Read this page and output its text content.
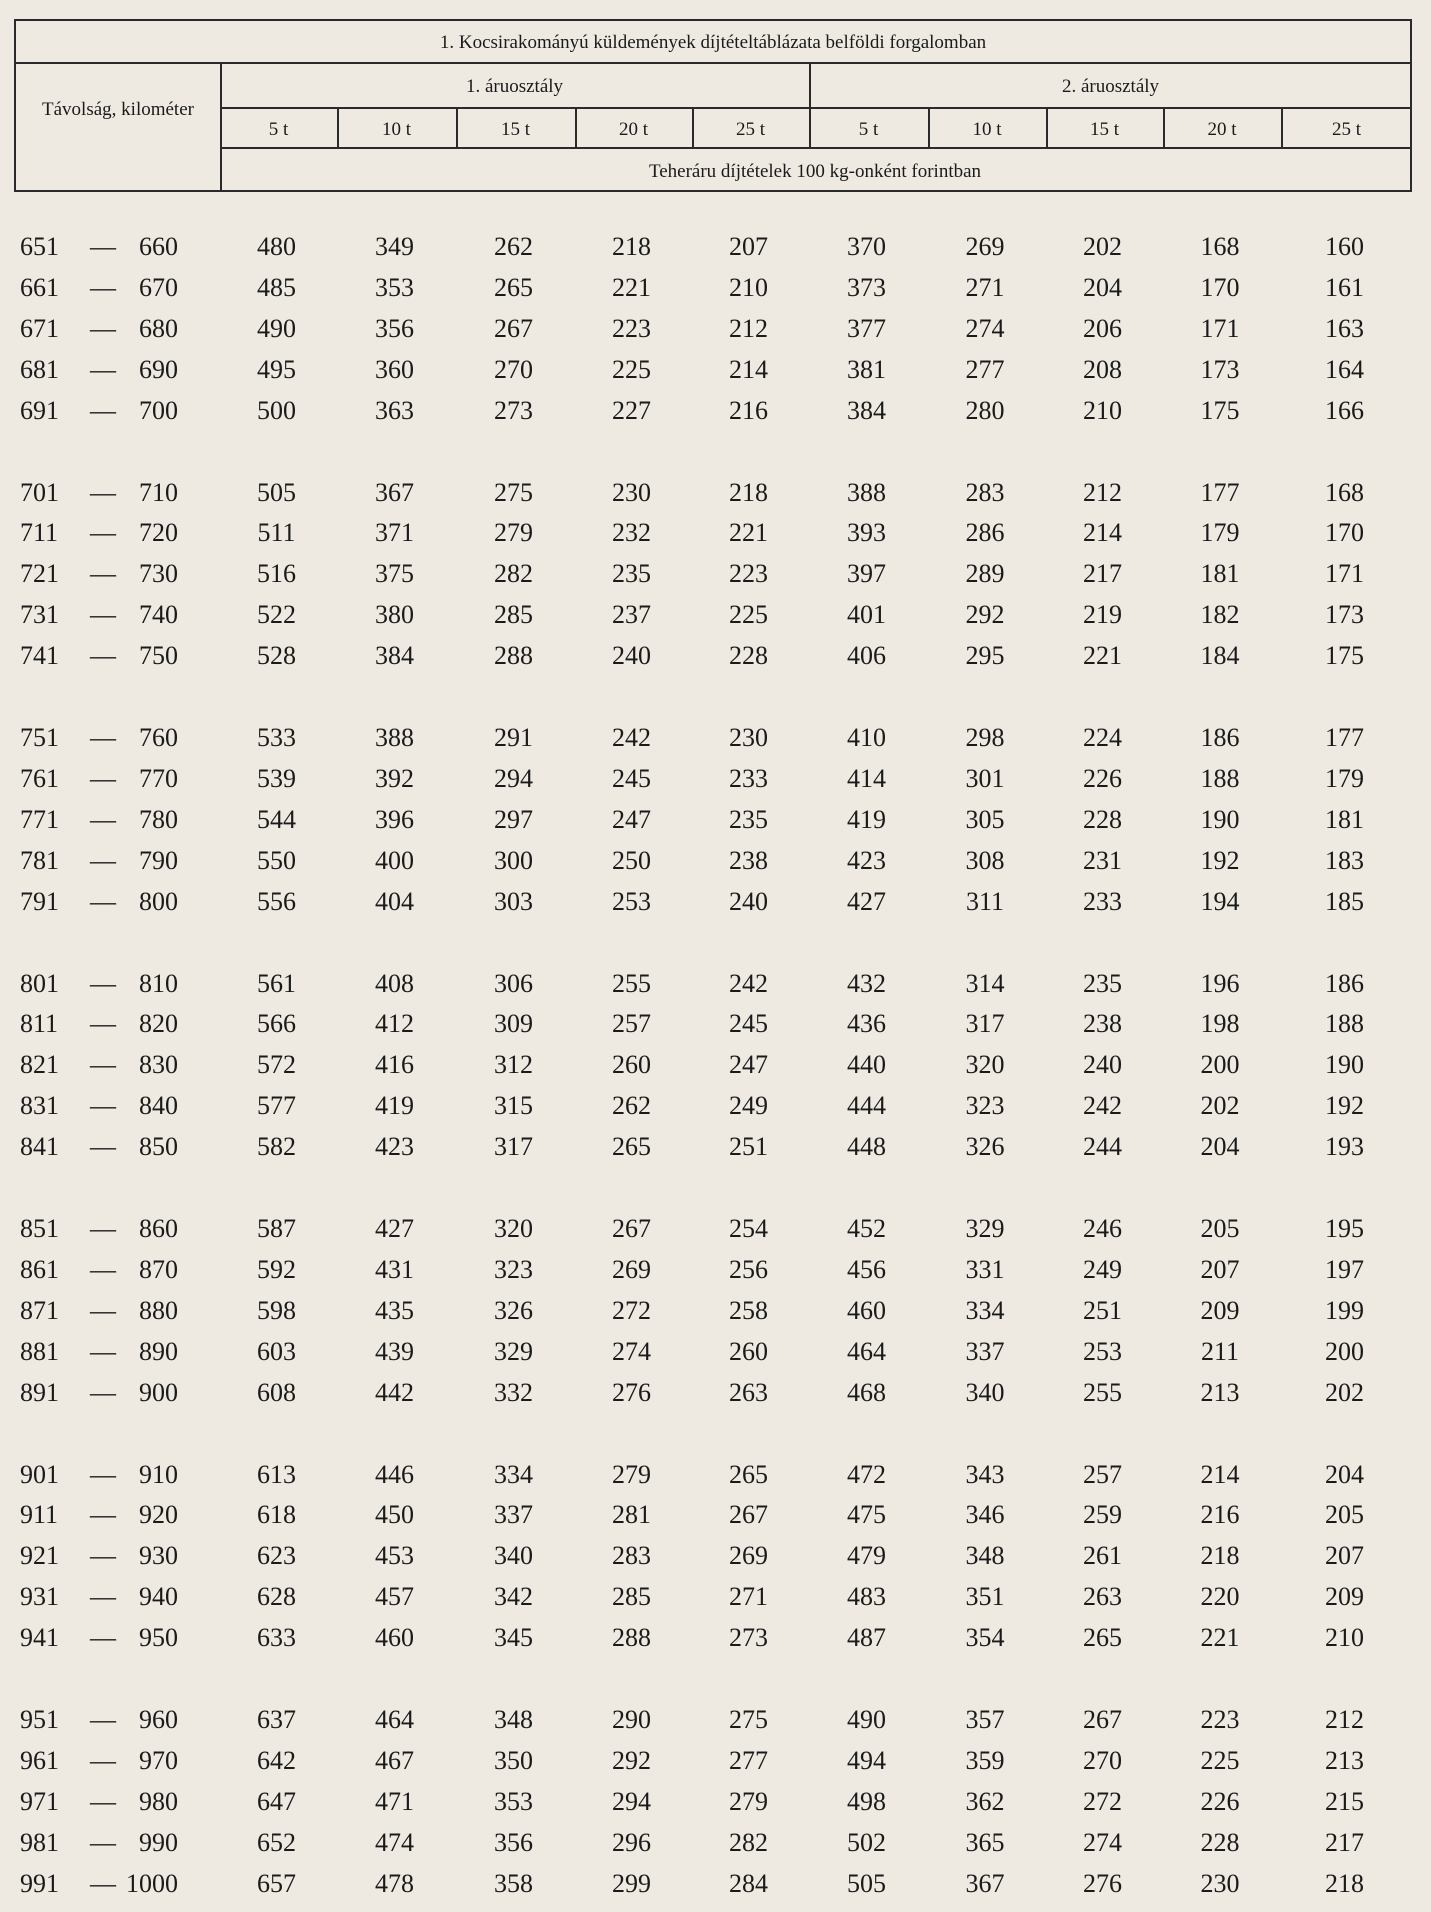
1. Kocsirakományú küldemények díjtételtáblázata belföldi forgalomban
Távolság, kilométer
1. áruosztály	2. áruosztály
5 t	10 t	15 t	20 t	25 t	5 t	10 t	15 t	20 t	25 t
Teheráru díjtételek 100 kg-onként forintban
651	— 660	480	349	262	218	207	370	269	202	168	160
661	— 670	485	353	265	221	210	373	271	204	170	161
671	— 680	490	356	267	223	212	377	274	206	171	163
681	— 690	495	360	270	225	214	381	277	208	173	164
691	— 700	500	363	273	227	216	384	280	210	175	166
701	— 710	505	367	275	230	218	388	283	212	177	168
711	— 720	511	371	279	232	221	393	286	214	179	170
721	— 730	516	375	282	235	223	397	289	217	181	171
731	— 740	522	380	285	237	225	401	292	219	182	173
741	— 750	528	384	288	240	228	406	295	221	184	175
751	— 760	533	388	291	242	230	410	298	224	186	177
761	— 770	539	392	294	245	233	414	301	226	188	179
771	— 780	544	396	297	247	235	419	305	228	190	181
781	— 790	550	400	300	250	238	423	308	231	192	183
791	— 800	556	404	303	253	240	427	311	233	194	185
801	— 810	561	408	306	255	242	432	314	235	196	186
811	— 820	566	412	309	257	245	436	317	238	198	188
821	— 830	572	416	312	260	247	440	320	240	200	190
831	— 840	577	419	315	262	249	444	323	242	202	192
841	— 850	582	423	317	265	251	448	326	244	204	193
851	— 860	587	427	320	267	254	452	329	246	205	195
861	— 870	592	431	323	269	256	456	331	249	207	197
871	— 880	598	435	326	272	258	460	334	251	209	199
881	— 890	603	439	329	274	260	464	337	253	211	200
891	— 900	608	442	332	276	263	468	340	255	213	202
901	— 910	613	446	334	279	265	472	343	257	214	204
911	— 920	618	450	337	281	267	475	346	259	216	205
921	— 930	623	453	340	283	269	479	348	261	218	207
931	— 940	628	457	342	285	271	483	351	263	220	209
941	— 950	633	460	345	288	273	487	354	265	221	210
951	— 960	637	464	348	290	275	490	357	267	223	212
961	— 970	642	467	350	292	277	494	359	270	225	213
971	— 980	647	471	353	294	279	498	362	272	226	215
981	— 990	652	474	356	296	282	502	365	274	228	217
991	— 1000	657	478	358	299	284	505	367	276	230	218
